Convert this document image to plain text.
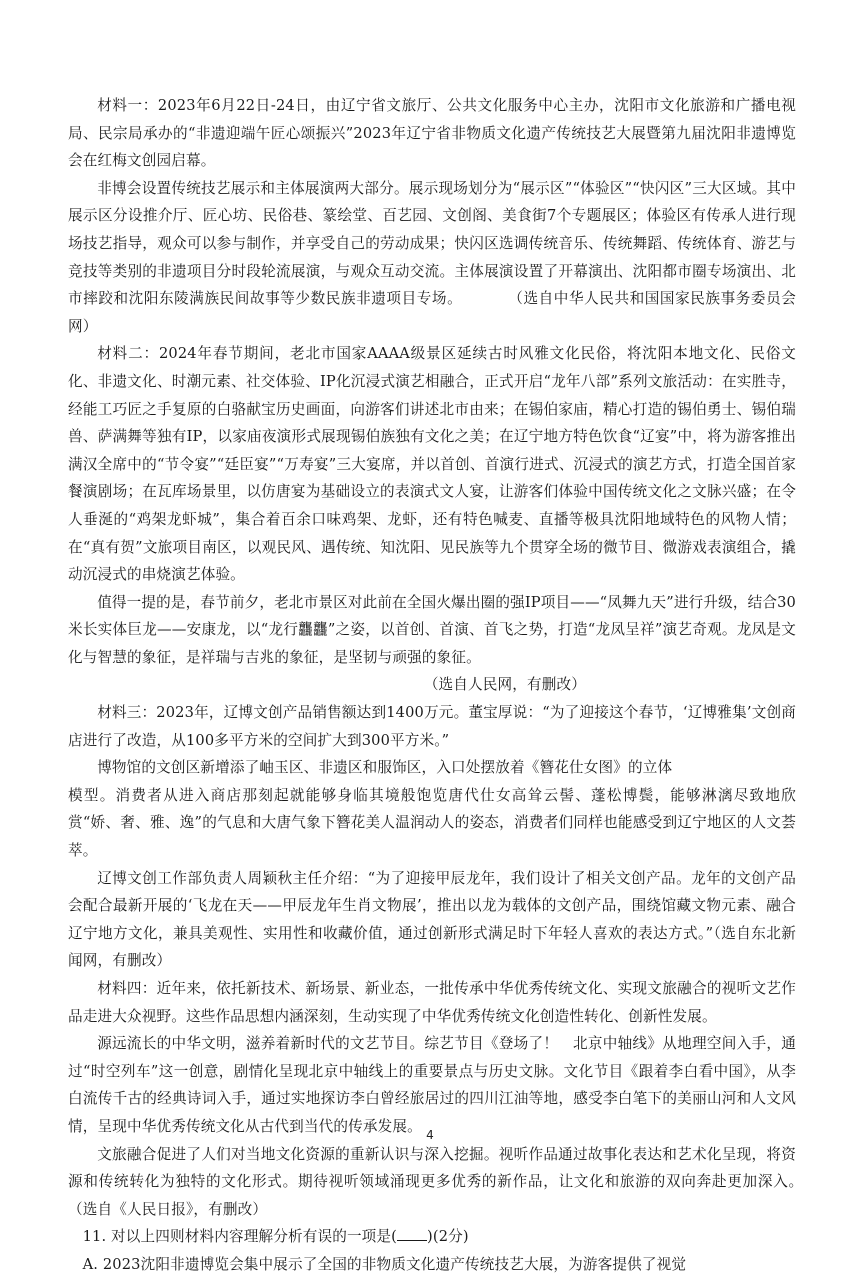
材料一：2023年6月22日-24日，由辽宁省文旅厅、公共文化服务中心主办，沈阳市文化旅游和广播电视局、民宗局承办的“非遗迎端午匠心颂振兴”2023年辽宁省非物质文化遗产传统技艺大展暨第九届沈阳非遗博览会在红梅文创园启幕。

非博会设置传统技艺展示和主体展演两大部分。展示现场划分为“展示区”“体验区”“快闪区”三大区域。其中展示区分设推介厅、匠心坊、民俗巷、篆绘堂、百艺园、文创阁、美食街7个专题展区；体验区有传承人进行现场技艺指导，观众可以参与制作，并享受自己的劳动成果；快闪区选调传统音乐、传统舞蹈、传统体育、游艺与竞技等类别的非遗项目分时段轮流展演，与观众互动交流。主体展演设置了开幕演出、沈阳都市圈专场演出、北市摔跤和沈阳东陵满族民间故事等少数民族非遗项目专场。　　　　（选自中华人民共和国国家民族事务委员会网）

材料二：2024年春节期间，老北市国家AAAA级景区延续古时风雅文化民俗，将沈阳本地文化、民俗文化、非遗文化、时潮元素、社交体验、IP化沉浸式演艺相融合，正式开启“龙年八部”系列文旅活动：在实胜寺，经能工巧匠之手复原的白骆献宝历史画面，向游客们讲述北市由来；在锡伯家庙，精心打造的锡伯勇士、锡伯瑞兽、萨满舞等独有IP，以家庙夜演形式展现锡伯族独有文化之美；在辽宁地方特色饮食“辽宴”中，将为游客推出满汉全席中的“节令宴”“廷臣宴”“万寿宴”三大宴席，并以首创、首演行进式、沉浸式的演艺方式，打造全国首家餐演剧场；在瓦库场景里，以仿唐宴为基础设立的表演式文人宴，让游客们体验中国传统文化之文脉兴盛；在令人垂涎的“鸡架龙虾城”，集合着百余口味鸡架、龙虾，还有特色喊麦、直播等极具沈阳地域特色的风物人情；在“真有贺”文旅项目南区，以观民风、遇传统、知沈阳、见民族等九个贯穿全场的微节目、微游戏表演组合，撬动沉浸式的串烧演艺体验。

值得一提的是，春节前夕，老北市景区对此前在全国火爆出圈的强IP项目——“凤舞九天”进行升级，结合30米长实体巨龙——安康龙，以“龙行龘龘”之姿，以首创、首演、首飞之势，打造“龙凤呈祥”演艺奇观。龙凤是文化与智慧的象征，是祥瑞与吉兆的象征，是坚韧与顽强的象征。

（选自人民网，有删改）

材料三：2023年，辽博文创产品销售额达到1400万元。董宝厚说：“为了迎接这个春节，‘辽博雅集’文创商店进行了改造，从100多平方米的空间扩大到300平方米。”

博物馆的文创区新增添了岫玉区、非遗区和服饰区，入口处摆放着《簪花仕女图》的立体

模型。消费者从进入商店那刻起就能够身临其境般饱览唐代仕女高耸云髻、蓬松博鬓，能够淋漓尽致地欣赏“娇、奢、雅、逸”的气息和大唐气象下簪花美人温润动人的姿态，消费者们同样也能感受到辽宁地区的人文荟萃。

辽博文创工作部负责人周颖秋主任介绍：“为了迎接甲辰龙年，我们设计了相关文创产品。龙年的文创产品会配合最新开展的‘飞龙在天——甲辰龙年生肖文物展’，推出以龙为载体的文创产品，围绕馆藏文物元素、融合辽宁地方文化，兼具美观性、实用性和收藏价值，通过创新形式满足时下年轻人喜欢的表达方式。”（选自东北新闻网，有删改）

材料四：近年来，依托新技术、新场景、新业态，一批传承中华优秀传统文化、实现文旅融合的视听文艺作品走进大众视野。这些作品思想内涵深刻，生动实现了中华优秀传统文化创造性转化、创新性发展。

源远流长的中华文明，滋养着新时代的文艺节目。综艺节目《登场了！　北京中轴线》从地理空间入手，通过“时空列车”这一创意，剧情化呈现北京中轴线上的重要景点与历史文脉。文化节目《跟着李白看中国》，从李白流传千古的经典诗词入手，通过实地探访李白曾经旅居过的四川江油等地，感受李白笔下的美丽山河和人文风情，呈现中华优秀传统文化从古代到当代的传承发展。

文旅融合促进了人们对当地文化资源的重新认识与深入挖掘。视听作品通过故事化表达和艺术化呈现，将资源和传统转化为独特的文化形式。期待视听领域涌现更多优秀的新作品，让文化和旅游的双向奔赴更加深入。　　　　（选自《人民日报》，有删改）

11. 对以上四则材料内容理解分析有误的一项是( )(2分)

A. 2023沈阳非遗博览会集中展示了全国的非物质文化遗产传统技艺大展，为游客提供了视觉

4
